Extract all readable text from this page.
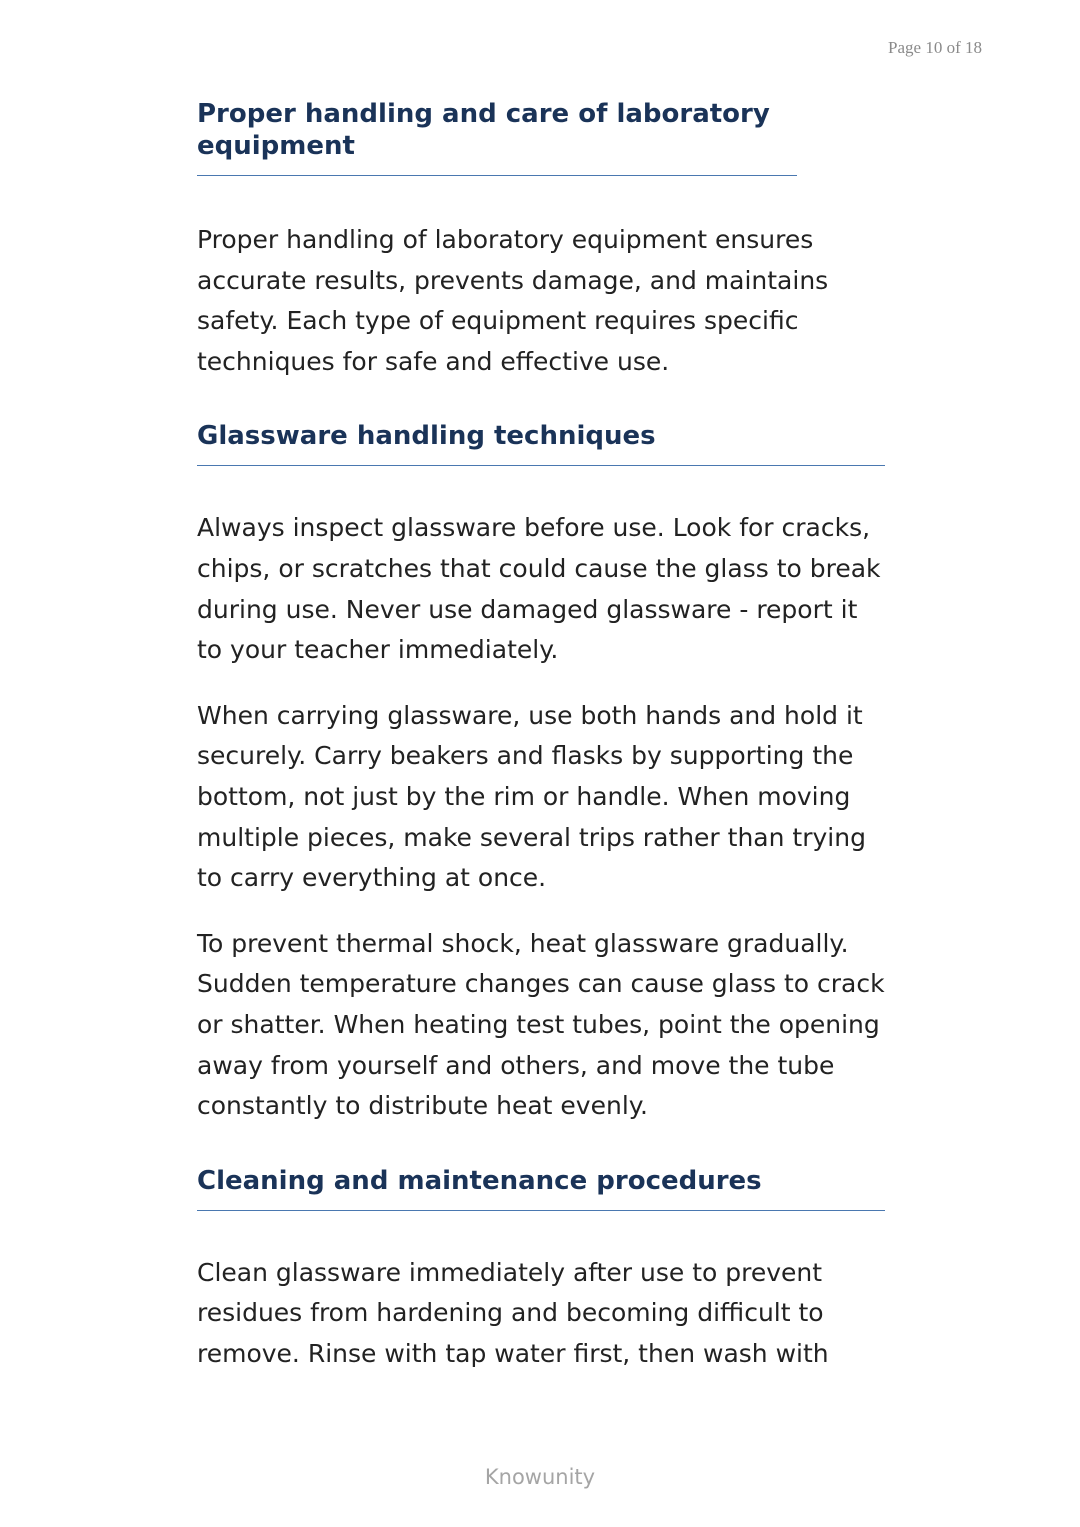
Page 10 of 18
Proper handling and care of laboratory equipment

Proper handling of laboratory equipment ensures accurate results, prevents damage, and maintains safety. Each type of equipment requires specific techniques for safe and effective use.

Glassware handling techniques

Always inspect glassware before use. Look for cracks, chips, or scratches that could cause the glass to break during use. Never use damaged glassware - report it to your teacher immediately.

When carrying glassware, use both hands and hold it securely. Carry beakers and flasks by supporting the bottom, not just by the rim or handle. When moving multiple pieces, make several trips rather than trying to carry everything at once.

To prevent thermal shock, heat glassware gradually. Sudden temperature changes can cause glass to crack or shatter. When heating test tubes, point the opening away from yourself and others, and move the tube constantly to distribute heat evenly.

Cleaning and maintenance procedures

Clean glassware immediately after use to prevent residues from hardening and becoming difficult to remove. Rinse with tap water first, then wash with

Knowunity
